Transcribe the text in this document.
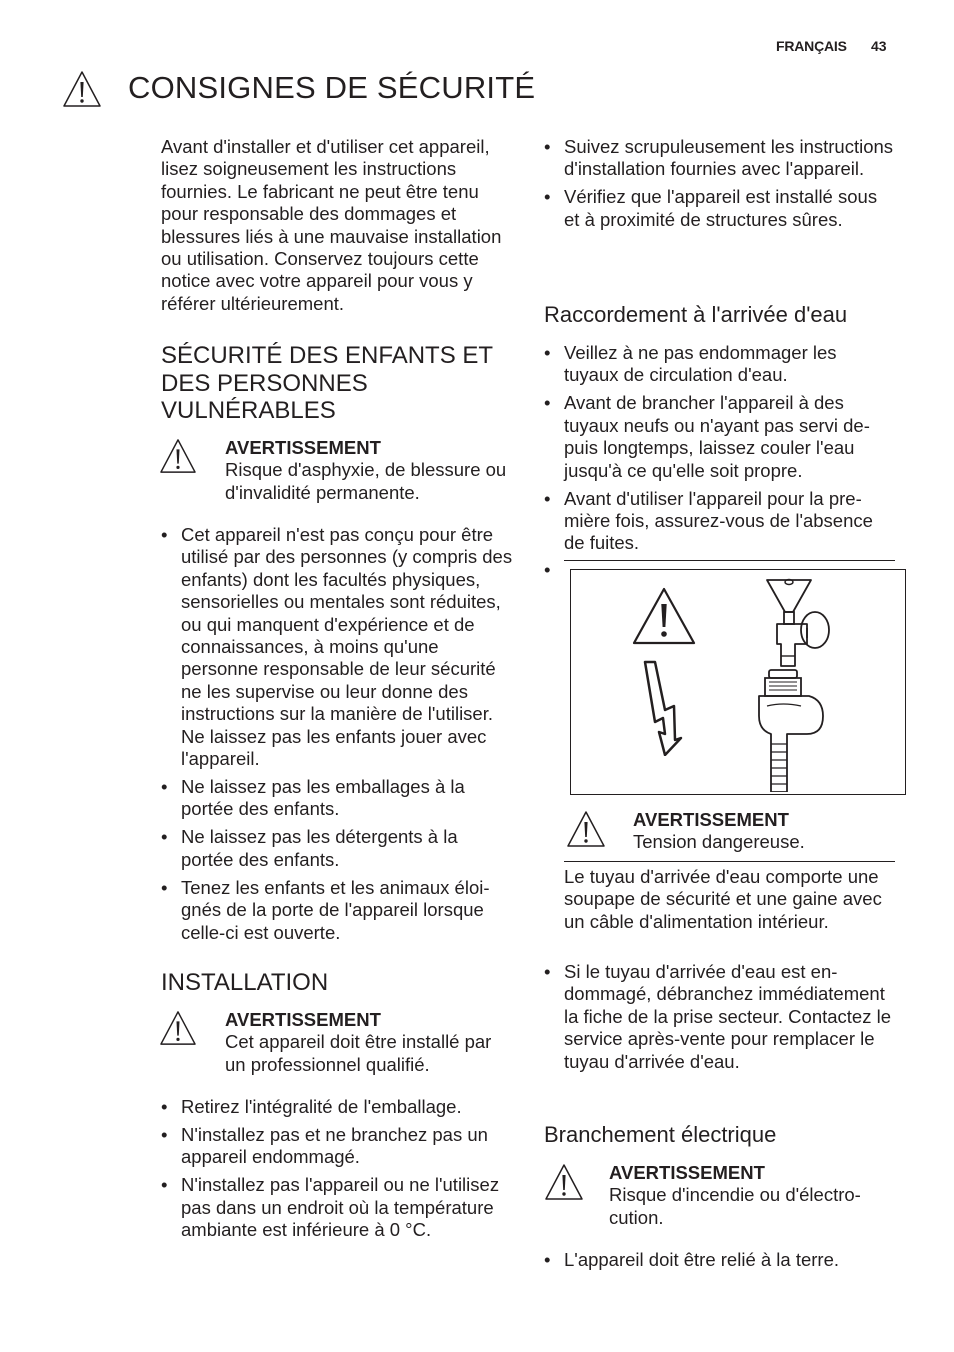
FRANÇAIS 43
CONSIGNES DE SÉCURITÉ

Avant d'installer et d'utiliser cet appareil, lisez soigneusement les instructions fournies. Le fabricant ne peut être tenu pour responsable des dommages et blessures liés à une mauvaise installation ou utilisation. Conservez toujours cette notice avec votre appareil pour vous y référer ultérieurement.

SÉCURITÉ DES ENFANTS ET
DES PERSONNES
VULNÉRABLES
AVERTISSEMENT
Risque d'asphyxie, de blessure ou d'invalidité permanente.
• Cet appareil n'est pas conçu pour être utilisé par des personnes (y compris des enfants) dont les facultés physiques, sensorielles ou mentales sont réduites, ou qui manquent d'expérience et de connaissances, à moins qu'une personne responsable de leur sécurité ne les supervise ou leur donne des instructions sur la manière de l'utiliser. Ne laissez pas les enfants jouer avec l'appareil.
• Ne laissez pas les emballages à la portée des enfants.
• Ne laissez pas les détergents à la portée des enfants.
• Tenez les enfants et les animaux éloignés de la porte de l'appareil lorsque celle-ci est ouverte.
INSTALLATION
AVERTISSEMENT
Cet appareil doit être installé par un professionnel qualifié.
• Retirez l'intégralité de l'emballage.
• N'installez pas et ne branchez pas un appareil endommagé.
• N'installez pas l'appareil ou ne l'utilisez pas dans un endroit où la température ambiante est inférieure à 0 °C.
• Suivez scrupuleusement les instructions d'installation fournies avec l'appareil.
• Vérifiez que l'appareil est installé sous et à proximité de structures sûres.
Raccordement à l'arrivée d'eau
• Veillez à ne pas endommager les tuyaux de circulation d'eau.
• Avant de brancher l'appareil à des tuyaux neufs ou n'ayant pas servi depuis longtemps, laissez couler l'eau jusqu'à ce qu'elle soit propre.
• Avant d'utiliser l'appareil pour la première fois, assurez-vous de l'absence de fuites.
•
AVERTISSEMENT
Tension dangereuse.

Le tuyau d'arrivée d'eau comporte une soupape de sécurité et une gaine avec un câble d'alimentation intérieur.

• Si le tuyau d'arrivée d'eau est endommagé, débranchez immédiatement la fiche de la prise secteur. Contactez le service après-vente pour remplacer le tuyau d'arrivée d'eau.
Branchement électrique
AVERTISSEMENT
Risque d'incendie ou d'électrocution.
• L'appareil doit être relié à la terre.
